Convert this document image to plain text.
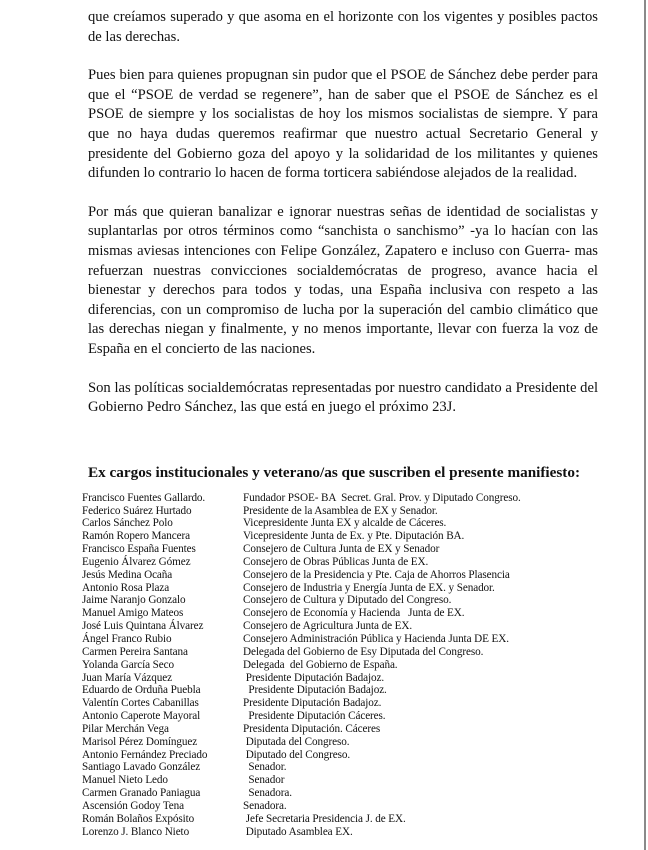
que creíamos superado y que asoma en el horizonte con los vigentes y posibles pactos de las derechas.

Pues bien para quienes propugnan sin pudor que el PSOE de Sánchez debe perder para que el “PSOE de verdad se regenere”, han de saber que el PSOE de Sánchez es el PSOE de siempre y los socialistas de hoy los mismos socialistas de siempre. Y para que no haya dudas queremos reafirmar que nuestro actual Secretario General y presidente del Gobierno goza del apoyo y la solidaridad de los militantes y quienes difunden lo contrario lo hacen de forma torticera sabiéndose alejados de la realidad.

Por más que quieran banalizar e ignorar nuestras señas de identidad de socialistas y suplantarlas por otros términos como “sanchista o sanchismo” -ya lo hacían con las mismas aviesas intenciones con Felipe González, Zapatero e incluso con Guerra- mas refuerzan nuestras convicciones socialdemócratas de progreso, avance hacia el bienestar y derechos para todos y todas, una España inclusiva con respeto a las diferencias, con un compromiso de lucha por la superación del cambio climático que las derechas niegan y finalmente, y no menos importante, llevar con fuerza la voz de España en el concierto de las naciones.

Son las políticas socialdemócratas representadas por nuestro candidato a Presidente del Gobierno Pedro Sánchez, las que está en juego el próximo 23J.

Ex cargos institucionales y veterano/as que suscriben el presente manifiesto:
Francisco Fuentes Gallardo.	Fundador PSOE- BA  Secret. Gral. Prov. y Diputado Congreso.
Federico Suárez Hurtado	Presidente de la Asamblea de EX y Senador.
Carlos Sánchez Polo	Vicepresidente Junta EX y alcalde de Cáceres.
Ramón Ropero Mancera	Vicepresidente Junta de Ex. y Pte. Diputación BA.
Francisco España Fuentes	Consejero de Cultura Junta de EX y Senador
Eugenio Álvarez Gómez	Consejero de Obras Públicas Junta de EX.
Jesús Medina Ocaña	Consejero de la Presidencia y Pte. Caja de Ahorros Plasencia
Antonio Rosa Plaza	Consejero de Industria y Energía Junta de EX. y Senador.
Jaime Naranjo Gonzalo	Consejero de Cultura y Diputado del Congreso.
Manuel Amigo Mateos	Consejero de Economía y Hacienda   Junta de EX.
José Luis Quintana Álvarez	Consejero de Agricultura Junta de EX.
Ángel Franco Rubio	Consejero Administración Pública y Hacienda Junta DE EX.
Carmen Pereira Santana	Delegada del Gobierno de Esy Diputada del Congreso.
Yolanda García Seco	Delegada  del Gobierno de España.
Juan María Vázquez	Presidente Diputación Badajoz.
Eduardo de Orduña Puebla	Presidente Diputación Badajoz.
Valentín Cortes Cabanillas	Presidente Diputación Badajoz.
Antonio Caperote Mayoral	Presidente Diputación Cáceres.
Pilar Merchán Vega	Presidenta Diputación. Cáceres
Marisol Pérez Domínguez	Diputada del Congreso.
Antonio Fernández Preciado	Diputado del Congreso.
Santiago Lavado González	Senador.
Manuel Nieto Ledo	Senador
Carmen Granado Paniagua	Senadora.
Ascensión Godoy Tena	Senadora.
Román Bolaños Expósito	Jefe Secretaria Presidencia J. de EX.
Lorenzo J. Blanco Nieto	Diputado Asamblea EX.
